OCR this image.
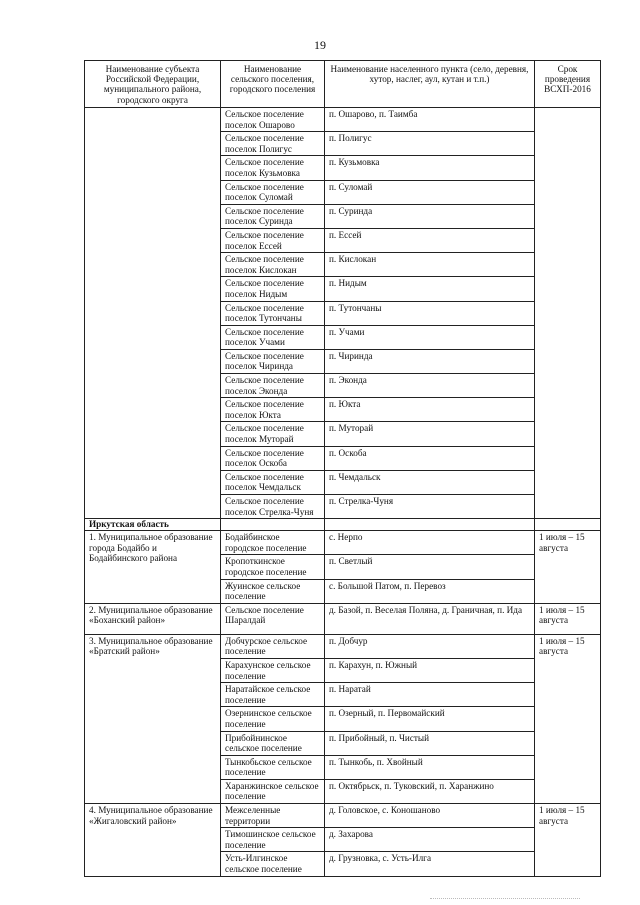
19
Наименование субъекта Российской Федерации, муниципального района, городского округа	Наименование сельского поселения, городского поселения	Наименование населенного пункта (село, деревня, хутор, наслег, аул, кутан и т.п.)	Срок проведения ВСХП-2016
	Сельское поселение поселок Ошарово	п. Ошарово, п. Таимба	
	Сельское поселение поселок Полигус	п. Полигус	
	Сельское поселение поселок Кузьмовка	п. Кузьмовка	
	Сельское поселение поселок Суломай	п. Суломай	
	Сельское поселение поселок Суринда	п. Суринда	
	Сельское поселение поселок Ессей	п. Ессей	
	Сельское поселение поселок Кислокан	п. Кислокан	
	Сельское поселение поселок Нидым	п. Нидым	
	Сельское поселение поселок Тутончаны	п. Тутончаны	
	Сельское поселение поселок Учами	п. Учами	
	Сельское поселение поселок Чиринда	п. Чиринда	
	Сельское поселение поселок Эконда	п. Эконда	
	Сельское поселение поселок Юкта	п. Юкта	
	Сельское поселение поселок Муторай	п. Муторай	
	Сельское поселение поселок Оскоба	п. Оскоба	
	Сельское поселение поселок Чемдальск	п. Чемдальск	
	Сельское поселение поселок Стрелка-Чуня	п. Стрелка-Чуня	
Иркутская область			
1. Муниципальное образование города Бодайбо и Бодайбинского района	Бодайбинское городское поселение	с. Нерпо	1 июля – 15 августа
	Кропоткинское городское поселение	п. Светлый	
	Жуинское сельское поселение	с. Большой Патом, п. Перевоз	
2. Муниципальное образование «Боханский район»	Сельское поселение Шаралдай	д. Базой, п. Веселая Поляна, д. Граничная, п. Ида	1 июля – 15 августа
3. Муниципальное образование «Братский район»	Добчурское сельское поселение	п. Добчур	1 июля – 15 августа
	Карахунское сельское поселение	п. Карахун, п. Южный	
	Наратайское сельское поселение	п. Наратай	
	Озернинское сельское поселение	п. Озерный, п. Первомайский	
	Прибойнинское сельское поселение	п. Прибойный, п. Чистый	
	Тынкобьское сельское поселение	п. Тынкобь, п. Хвойный	
	Харанжинское сельское поселение	п. Октябрьск, п. Туковский, п. Харанжино	
4. Муниципальное образование «Жигаловский район»	Межселенные территории	д. Головское, с. Коношаново	1 июля – 15 августа
	Тимошинское сельское поселение	д. Захарова	
	Усть-Илгинское сельское поселение	д. Грузновка, с. Усть-Илга	
